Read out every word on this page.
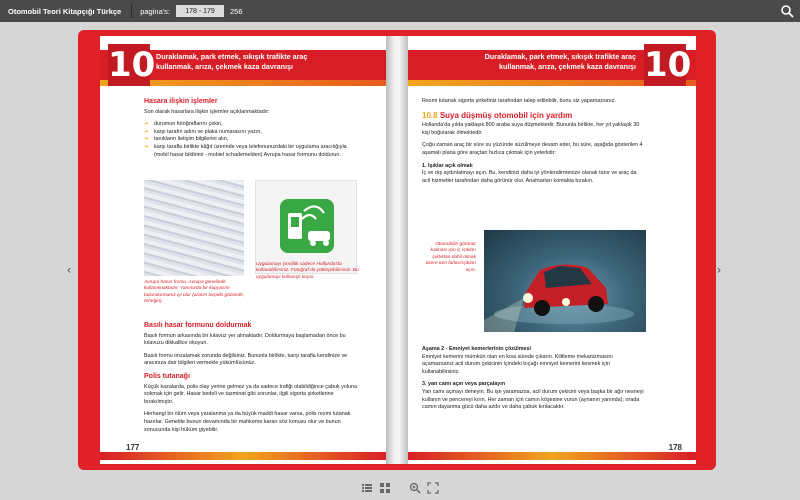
Otomobil Teori Kitapçığı Türkçe	pagina's:
178 - 179	256
‹	›
10 Duraklamak, park etmek, sıkışık trafikte araç kullanmak, arıza, çekmek kaza davranışı
Hasara ilişkin işlemler
Son olarak hasarlara ilişkin işlemler açıklanmaktadır:
➜ durumun fotoğraflarını çekin,
➜ karşı tarafın adını ve plaka numarasını yazın,
➜ tanıkların iletişim bilgilerini alın,
➜ karşı tarafla birlikte kâğıt üzerinde veya telefonunuzdaki bir uygulama aracılığıyla (mobil hasar bildirimi - mobiel schademelden) Avrupa hasar formunu doldurun.
Avrupa hasar formu. Avrupa genelinde kullanılmaktadır. Yanınızda bir kopyasını bulundurmanız iyi olur (aracın torpido gözünde, örneğin).
Uygulamayı şimdilik sadece Hollanda'da kullanabilirsiniz. Fotoğraf da yükleyebilirsiniz. Bu uygulamayı kullanışlı koyor.
Basılı hasar formunu doldurmak
Basılı formun arkasında bir kılavuz yer almaktadır. Doldurmaya başlamadan önce bu kılavuzu dikkatlice okuyun.
Basılı formu imzalamak zorunda değilsiniz. Bununla birlikte, karşı tarafla kendinize ve aracınıza dair bilgileri vermekle yükümlüsünüz.
Polis tutanağı
Küçük kazalarda, polis olay yerine gelmez ya da sadece trafiği olabildiğince çabuk yoluna sokmak için gelir. Hasar bedeli ve tazminat gibi sorunlar, ilgili sigorta şirketlerine bırakılmıştır.
Herhangi bir ölüm veya yaralanma ya da büyük maddi hasar varsa, polis resmi tutanak hazırlar. Genelde bunun devamında bir mahkeme kararı söz konusu olur ve bunun sonucunda kişi hüküm giyebilir.
177
10
Duraklamak, park etmek, sıkışık trafikte araç kullanmak, arıza, çekmek kaza davranışı
Resmi tutanak sigorta şirketiniz tarafından talep edilebilir, bunu siz yapamazsınız.
10.8 Suya düşmüş otomobil için yardım
Hollanda'da yılda yaklaşık 800 araba suya düşmektedir. Bununla birlikte, her yıl yaklaşık 30 kişi boğularak ölmektedir.
Çoğu zaman araç bir süre su yüzünde süzülmeye devam eder, bu süre, aşağıda gösterilen 4 aşamalı plana göre araçtan hızlıca çıkmak için yeterlidir:
1. Işıklar açık olmalı
İç ve dış aydınlatmayı açın. Bu, kendinizi daha iyi yönlendirmenize olanak tanır ve araç da acil hizmetler tarafından daha görünür olur. Anahtarları kontakta bırakın.
Otomobilin görünür kalması için iç ışıkları çıktıktan dahil olmak üzere tüm farları/ışıkları açın.
Aşama 2 - Emniyet kemerlerinin çözülmesi
Emniyet kemerini mümkün olan en kısa sürede çıkarın. Kilitleme mekanizmasını açamazsanız acil durum çekicinin içindeki bıçağı emniyet kemerini kesmek için kullanabilirsiniz.
3. yan camı açın veya parçalayın
Yan camı açmayı deneyin. Bu işe yaramazsa, acil durum çekicini veya başka bir ağır nesneyi kullanın ve pencereyi kırın. Her zaman için camın köşesine vurun (aynanın yanında); orada camın dayanma gücü daha azdır ve daha çabuk kırılacaktır.
178
